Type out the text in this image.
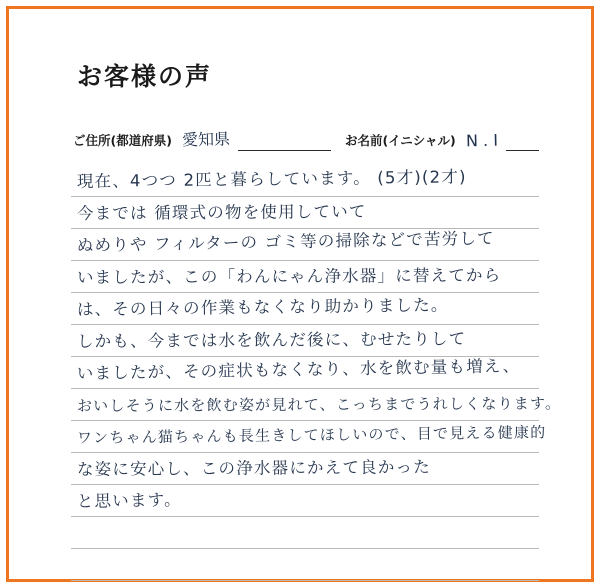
お客様の声
ご住所(都道府県) 愛知県	お名前(イニシャル) N . I
現在、4つつ 2匹と暮らしています。 (5才)(2才)
今までは 循環式の物を使用していて
ぬめりや フィルターの ゴミ等の掃除などで苦労して
いましたが、この「わんにゃん浄水器」に替えてから
は、その日々の作業もなくなり助かりました。
しかも、今までは水を飲んだ後に、むせたりして
いましたが、その症状もなくなり、水を飲む量も増え、
おいしそうに水を飲む姿が見れて、こっちまでうれしくなります。
ワンちゃん猫ちゃんも長生きしてほしいので、目で見える健康的
な姿に安心し、この浄水器にかえて良かった
と思います。
